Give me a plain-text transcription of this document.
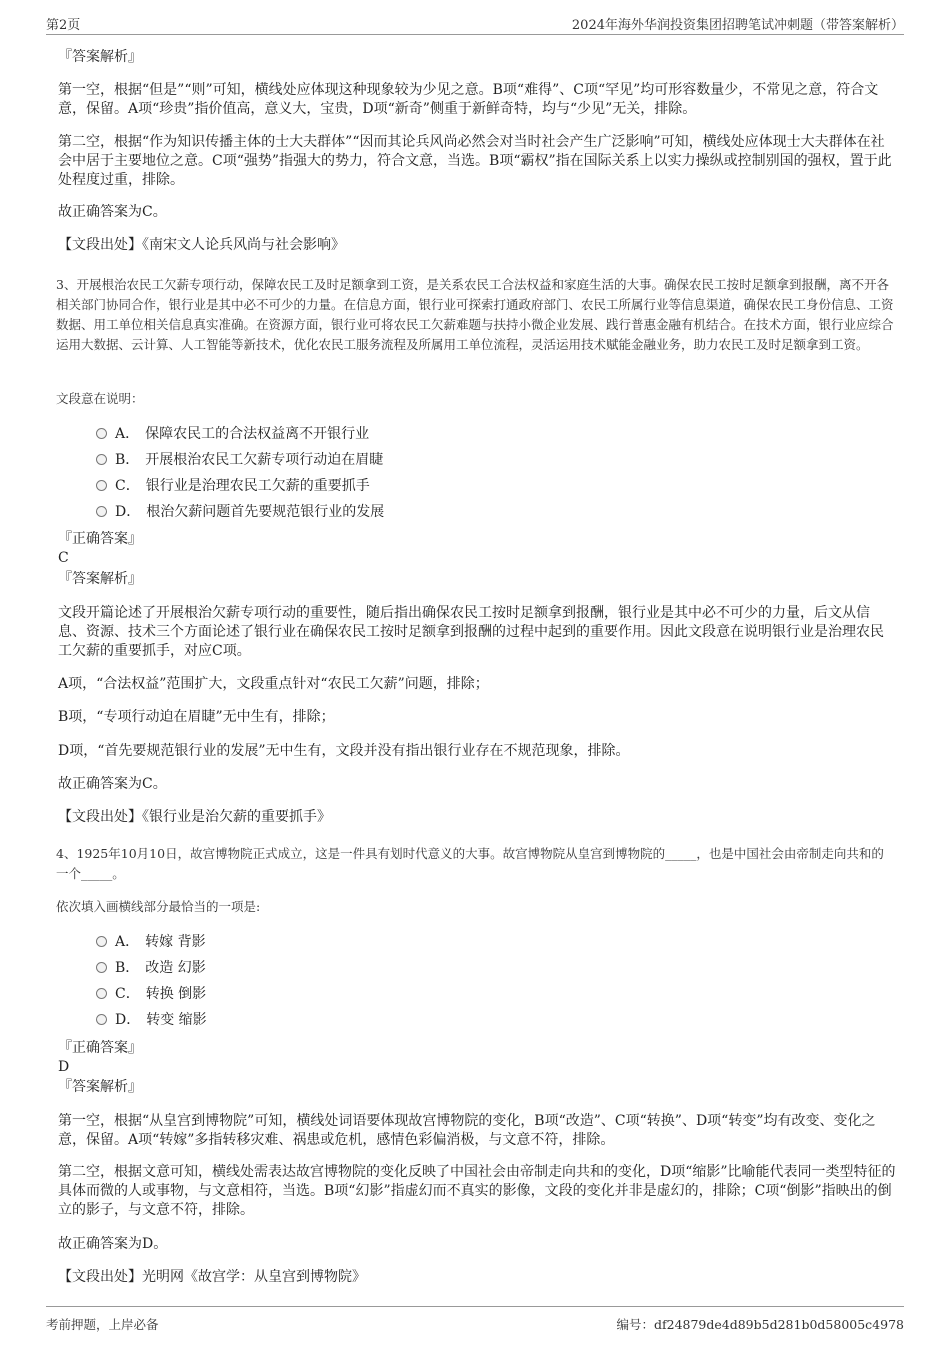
第2页	2024年海外华润投资集团招聘笔试冲刺题（带答案解析）
『答案解析』

第一空，根据“但是”“则”可知，横线处应体现这种现象较为少见之意。B项“难得”、C项“罕见”均可形容数量少，不常见之意，符合文意，保留。A项“珍贵”指价值高，意义大，宝贵，D项“新奇”侧重于新鲜奇特，均与“少见”无关，排除。

第二空，根据“作为知识传播主体的士大夫群体”“因而其论兵风尚必然会对当时社会产生广泛影响”可知，横线处应体现士大夫群体在社会中居于主要地位之意。C项“强势”指强大的势力，符合文意，当选。B项“霸权”指在国际关系上以实力操纵或控制别国的强权，置于此处程度过重，排除。

故正确答案为C。

【文段出处】《南宋文人论兵风尚与社会影响》

3、开展根治农民工欠薪专项行动，保障农民工及时足额拿到工资，是关系农民工合法权益和家庭生活的大事。确保农民工按时足额拿到报酬，离不开各相关部门协同合作，银行业是其中必不可少的力量。在信息方面，银行业可探索打通政府部门、农民工所属行业等信息渠道，确保农民工身份信息、工资数据、用工单位相关信息真实准确。在资源方面，银行业可将农民工欠薪难题与扶持小微企业发展、践行普惠金融有机结合。在技术方面，银行业应综合运用大数据、云计算、人工智能等新技术，优化农民工服务流程及所属用工单位流程，灵活运用技术赋能金融业务，助力农民工及时足额拿到工资。

文段意在说明：

A． 保障农民工的合法权益离不开银行业
B． 开展根治农民工欠薪专项行动迫在眉睫
C． 银行业是治理农民工欠薪的重要抓手
D． 根治欠薪问题首先要规范银行业的发展
『正确答案』
C
『答案解析』

文段开篇论述了开展根治欠薪专项行动的重要性，随后指出确保农民工按时足额拿到报酬，银行业是其中必不可少的力量，后文从信息、资源、技术三个方面论述了银行业在确保农民工按时足额拿到报酬的过程中起到的重要作用。因此文段意在说明银行业是治理农民工欠薪的重要抓手，对应C项。

A项，“合法权益”范围扩大，文段重点针对“农民工欠薪”问题，排除；

B项，“专项行动迫在眉睫”无中生有，排除；

D项，“首先要规范银行业的发展”无中生有，文段并没有指出银行业存在不规范现象，排除。

故正确答案为C。

【文段出处】《银行业是治欠薪的重要抓手》

4、1925年10月10日，故宫博物院正式成立，这是一件具有划时代意义的大事。故宫博物院从皇宫到博物院的_____，也是中国社会由帝制走向共和的一个_____。

依次填入画横线部分最恰当的一项是:

A． 转嫁 背影
B． 改造 幻影
C． 转换 倒影
D． 转变 缩影
『正确答案』
D
『答案解析』

第一空，根据“从皇宫到博物院”可知，横线处词语要体现故宫博物院的变化，B项“改造”、C项“转换”、D项“转变”均有改变、变化之意，保留。A项“转嫁”多指转移灾难、祸患或危机，感情色彩偏消极，与文意不符，排除。

第二空，根据文意可知，横线处需表达故宫博物院的变化反映了中国社会由帝制走向共和的变化，D项“缩影”比喻能代表同一类型特征的具体而微的人或事物，与文意相符，当选。B项“幻影”指虚幻而不真实的影像，文段的变化并非是虚幻的，排除；C项“倒影”指映出的倒立的影子，与文意不符，排除。

故正确答案为D。

【文段出处】光明网《故宫学：从皇宫到博物院》

考前押题，上岸必备	编号：df24879de4d89b5d281b0d58005c4978
